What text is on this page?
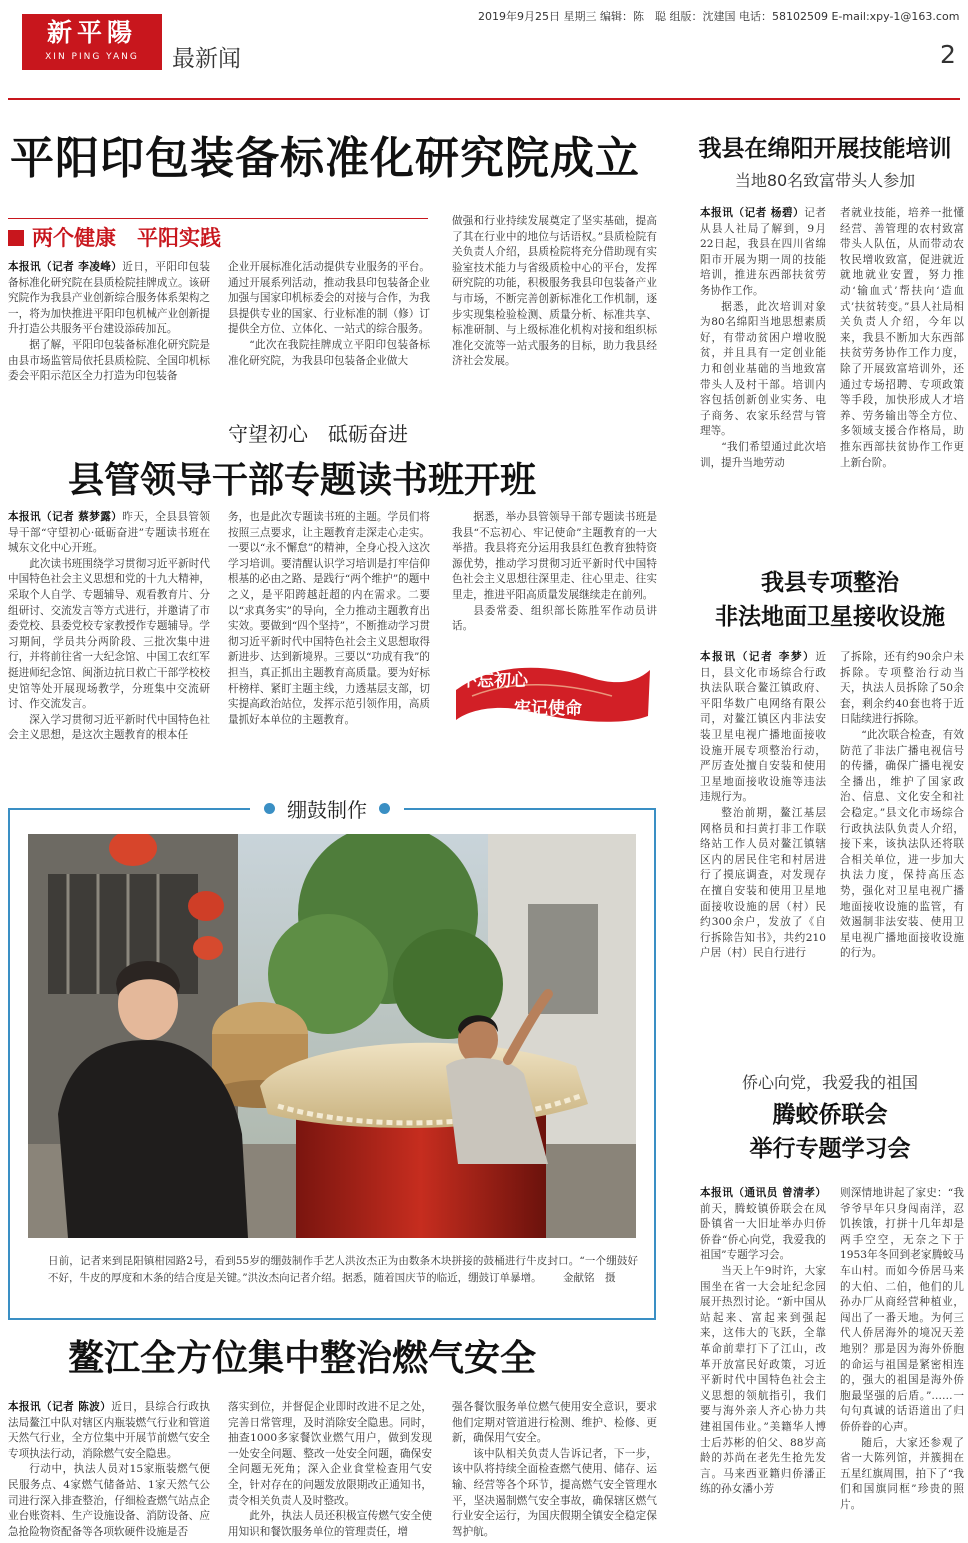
新平陽
XIN PING YANG	最新闻
2019年9月25日 星期三 编辑：陈　聪 组版：沈建国 电话：58102509 E-mail:xpy-1@163.com
2
平阳印包装备标准化研究院成立
两个健康　平阳实践

本报讯（记者 李凌峰）近日，平阳印包装备标准化研究院在县质检院挂牌成立。该研究院作为我县产业创新综合服务体系架构之一，将为加快推进平阳印包机械产业创新提升打造公共服务平台建设添砖加瓦。

据了解，平阳印包装备标准化研究院是由县市场监管局依托县质检院、全国印机标委会平阳示范区全力打造为印包装备

企业开展标准化活动提供专业服务的平台。通过开展系列活动，推动我县印包装备企业加强与国家印机标委会的对接与合作，为我县提供专业的国家、行业标准的制（修）订提供全方位、立体化、一站式的综合服务。

“此次在我院挂牌成立平阳印包装备标准化研究院，为我县印包装备企业做大

做强和行业持续发展奠定了坚实基础，提高了其在行业中的地位与话语权。”县质检院有关负责人介绍，县质检院将充分借助现有实验室技术能力与省级质检中心的平台，发挥研究院的功能，积极服务我县印包装备产业与市场，不断完善创新标准化工作机制，逐步实现集检验检测、质量分析、标准共享、标准研制、与上级标准化机构对接和组织标准化交流等一站式服务的目标，助力我县经济社会发展。

守望初心　砥砺奋进
县管领导干部专题读书班开班

本报讯（记者 蔡梦露）昨天，全县县管领导干部“守望初心·砥砺奋进”专题读书班在城东文化中心开班。

此次读书班围绕学习贯彻习近平新时代中国特色社会主义思想和党的十九大精神，采取个人自学、专题辅导、观看教育片、分组研讨、交流发言等方式进行，并邀请了市委党校、县委党校专家教授作专题辅导。学习期间，学员共分两阶段、三批次集中进行，并将前往省一大纪念馆、中国工农红军挺进师纪念馆、闽浙边抗日救亡干部学校校史馆等处开展现场教学，分班集中交流研讨、作交流发言。

深入学习贯彻习近平新时代中国特色社会主义思想，是这次主题教育的根本任

务，也是此次专题读书班的主题。学员们将按照三点要求，让主题教育走深走心走实。一要以“永不懈怠”的精神，全身心投入这次学习培训。要清醒认识学习培训是打牢信仰根基的必由之路、是践行“两个维护”的题中之义，是平阳跨越赶超的内在需求。二要以“求真务实”的导向，全力推动主题教育出实效。要做到“四个坚持”，不断推动学习贯彻习近平新时代中国特色社会主义思想取得新进步、达到新境界。三要以“功成有我”的担当，真正抓出主题教育高质量。要为好标杆榜样、紧盯主题主线，力透基层支部，切实提高政治站位，发挥示范引领作用，高质量抓好本单位的主题教育。

据悉，举办县管领导干部专题读书班是我县“不忘初心、牢记使命”主题教育的一大举措。我县将充分运用我县红色教育独特资源优势，推动学习贯彻习近平新时代中国特色社会主义思想往深里走、往心里走、往实里走，推进平阳高质量发展继续走在前列。

县委常委、组织部长陈胜军作动员讲话。

不忘初心
牢记使命
绷鼓制作
日前，记者来到昆阳镇柑园路2号，看到55岁的绷鼓制作手艺人洪汝杰正为由数条木块拼接的鼓桶进行牛皮封口。“一个绷鼓好不好，牛皮的厚度和木条的结合度是关键。”洪汝杰向记者介绍。据悉，随着国庆节的临近，绷鼓订单暴增。 金献铭　摄
鳌江全方位集中整治燃气安全

本报讯（记者 陈波）近日，县综合行政执法局鳌江中队对辖区内瓶装燃气行业和管道天然气行业，全方位集中开展节前燃气安全专项执法行动，消除燃气安全隐患。

行动中，执法人员对15家瓶装燃气便民服务点、4家燃气储备站、1家天然气公司进行深入排查整治，仔细检查燃气站点企业台账资料、生产设施设备、消防设备、应急抢险物资配备等各项软硬件设施是否

落实到位，并督促企业即时改进不足之处，完善日常管理，及时消除安全隐患。同时，抽查1000多家餐饮业燃气用户，做到发现一处安全问题、整改一处安全问题，确保安全问题无死角；深入企业食堂检查用气安全，针对存在的问题发放限期改正通知书，责令相关负责人及时整改。

此外，执法人员还积极宣传燃气安全使用知识和餐饮服务单位的管理责任，增

强各餐饮服务单位燃气使用安全意识，要求他们定期对管道进行检测、维护、检修、更新，确保用气安全。

该中队相关负责人告诉记者，下一步，该中队将持续全面检查燃气使用、储存、运输、经营等各个环节，提高燃气安全管理水平，坚决遏制燃气安全事故，确保辖区燃气行业安全运行，为国庆假期全镇安全稳定保驾护航。

我县在绵阳开展技能培训
当地80名致富带头人参加

本报讯（记者 杨碧）记者从县人社局了解到，9月22日起，我县在四川省绵阳市开展为期一周的技能培训，推进东西部扶贫劳务协作工作。

据悉，此次培训对象为80名绵阳当地思想素质好，有带动贫困户增收脱贫，并且具有一定创业能力和创业基础的当地致富带头人及村干部。培训内容包括创新创业实务、电子商务、农家乐经营与管理等。

“我们希望通过此次培训，提升当地劳动

者就业技能，培养一批懂经营、善管理的农村致富带头人队伍，从而带动农牧民增收致富，促进就近就地就业安置，努力推动‘输血式’帮扶向‘造血式’扶贫转变。”县人社局相关负责人介绍，今年以来，我县不断加大东西部扶贫劳务协作工作力度，除了开展致富培训外，还通过专场招聘、专项政策等手段，加快形成人才培养、劳务输出等全方位、多领域支援合作格局，助推东西部扶贫协作工作更上新台阶。

我县专项整治
非法地面卫星接收设施

本报讯（记者 李梦）近日，县文化市场综合行政执法队联合鳌江镇政府、平阳华数广电网络有限公司，对鳌江镇区内非法安装卫星电视广播地面接收设施开展专项整治行动，严厉查处擅自安装和使用卫星地面接收设施等违法违规行为。

整治前期，鳌江基层网格员和扫黄打非工作联络站工作人员对鳌江镇辖区内的居民住宅和村居进行了摸底调查，对发现存在擅自安装和使用卫星地面接收设施的居（村）民约300余户，发放了《自行拆除告知书》，共约210户居（村）民自行进行

了拆除，还有约90余户未拆除。专项整治行动当天，执法人员拆除了50余套，剩余约40套也将于近日陆续进行拆除。

“此次联合检查，有效防范了非法广播电视信号的传播，确保广播电视安全播出，维护了国家政治、信息、文化安全和社会稳定。”县文化市场综合行政执法队负责人介绍，接下来，该执法队还将联合相关单位，进一步加大执法力度，保持高压态势，强化对卫星电视广播地面接收设施的监管，有效遏制非法安装、使用卫星电视广播地面接收设施的行为。

侨心向党，我爱我的祖国
腾蛟侨联会
举行专题学习会

本报讯（通讯员 曾清孝）前天，腾蛟镇侨联会在凤卧镇省一大旧址举办归侨侨眷“侨心向党，我爱我的祖国”专题学习会。

当天上午9时许，大家围坐在省一大会址纪念园展开热烈讨论。“新中国从站起来、富起来到强起来，这伟大的飞跃，全靠革命前辈打下了江山，改革开放富民好政策，习近平新时代中国特色社会主义思想的领航指引，我们要与海外亲人齐心协力共建祖国伟业。”美籍华人博士后苏彬的伯父、88岁高龄的苏尚在老先生抢先发言。马来西亚籍归侨潘正练的孙女潘小芳

则深情地讲起了家史：“我爷爷早年只身闯南洋，忍饥挨饿，打拼十几年却是两手空空，无奈之下于1953年冬回到老家腾蛟马车山村。而如今侨居马来的大伯、二伯，他们的儿孙办厂从商经营种植业，闯出了一番天地。为何三代人侨居海外的境况天差地别？那是因为海外侨胞的命运与祖国是紧密相连的，强大的祖国是海外侨胞最坚强的后盾。”……一句句真诚的话语道出了归侨侨眷的心声。

随后，大家还参观了省一大陈列馆，并簇拥在五星红旗周围，拍下了“我们和国旗同框”珍贵的照片。
